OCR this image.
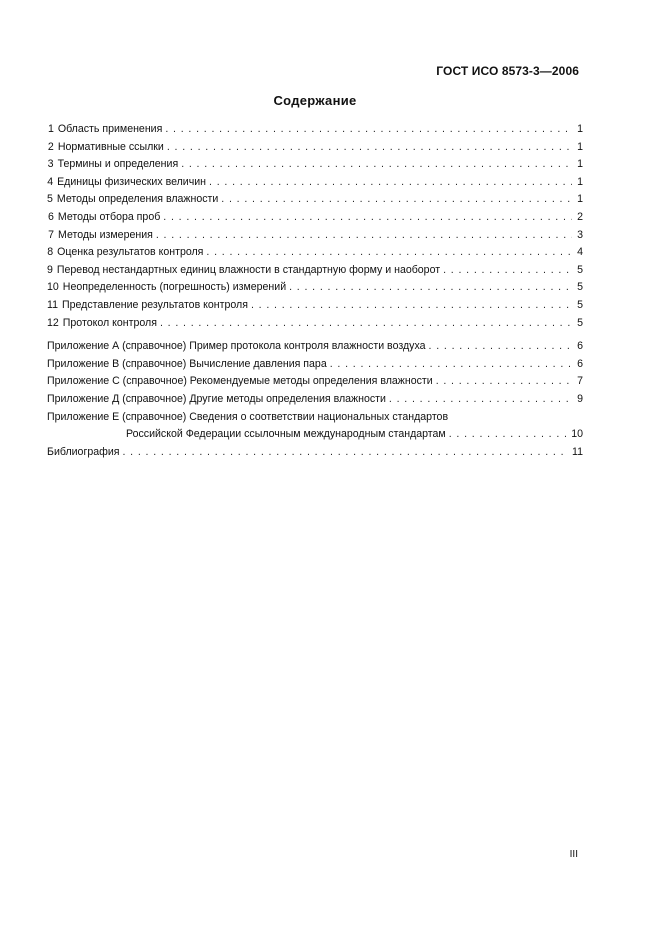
ГОСТ ИСО 8573-3—2006
Содержание
1 Область применения . . .	1
2 Нормативные ссылки . . .	1
3 Термины и определения . . .	1
4 Единицы физических величин . . .	1
5 Методы определения влажности . . .	1
6 Методы отбора проб . . .	2
7 Методы измерения . . .	3
8 Оценка результатов контроля . . .	4
9 Перевод нестандартных единиц влажности в стандартную форму и наоборот . . .	5
10 Неопределенность (погрешность) измерений . . .	5
11 Представление результатов контроля . . .	5
12 Протокол контроля . . .	5
Приложение А (справочное) Пример протокола контроля влажности воздуха . . .	6
Приложение В (справочное) Вычисление давления пара . . .	6
Приложение С (справочное) Рекомендуемые методы определения влажности . . .	7
Приложение Д (справочное) Другие методы определения влажности . . .	9
Приложение Е (справочное) Сведения о соответствии национальных стандартов
Российской Федерации ссылочным международным стандартам . . .	10
Библиография . . .	11
III
